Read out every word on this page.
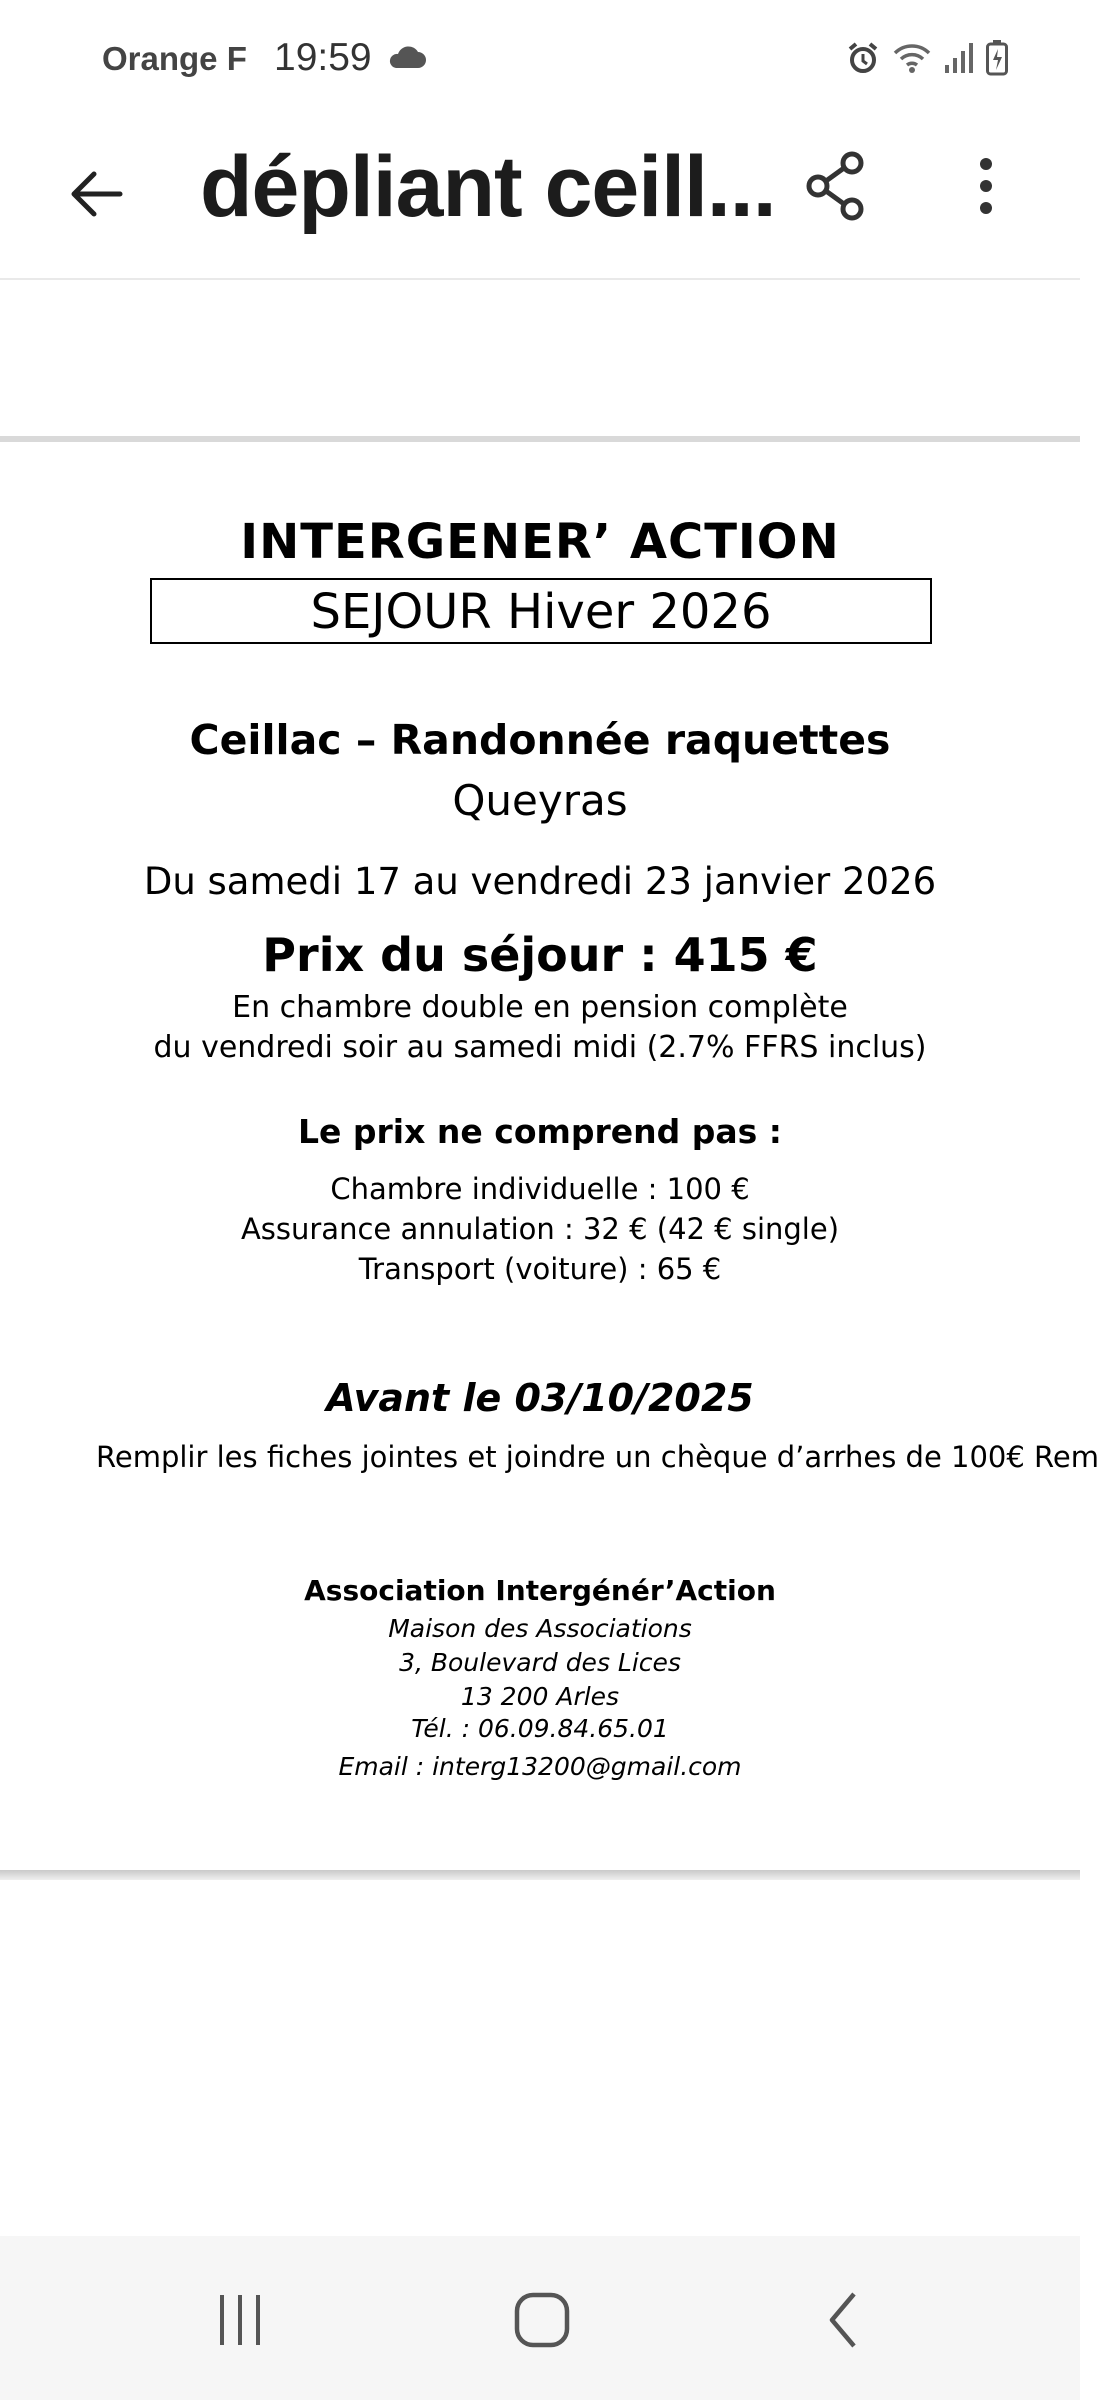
Orange F 19:59
dépliant ceill...
INTERGENER’ ACTION
SEJOUR Hiver 2026
Ceillac – Randonnée raquettes
Queyras
Du samedi 17 au vendredi 23 janvier 2026
Prix du séjour : 415 €
En chambre double en pension complète
du vendredi soir au samedi midi (2.7% FFRS inclus)
Le prix ne comprend pas :
Chambre individuelle : 100 €
Assurance annulation : 32 € (42 € single)
Transport (voiture) : 65 €
Avant le 03/10/2025
Remplir les fiches jointes et joindre un chèque d’arrhes de 100€ Rem
Association Intergénér’Action
Maison des Associations
3, Boulevard des Lices
13 200 Arles
Tél. : 06.09.84.65.01
Email : interg13200@gmail.com
